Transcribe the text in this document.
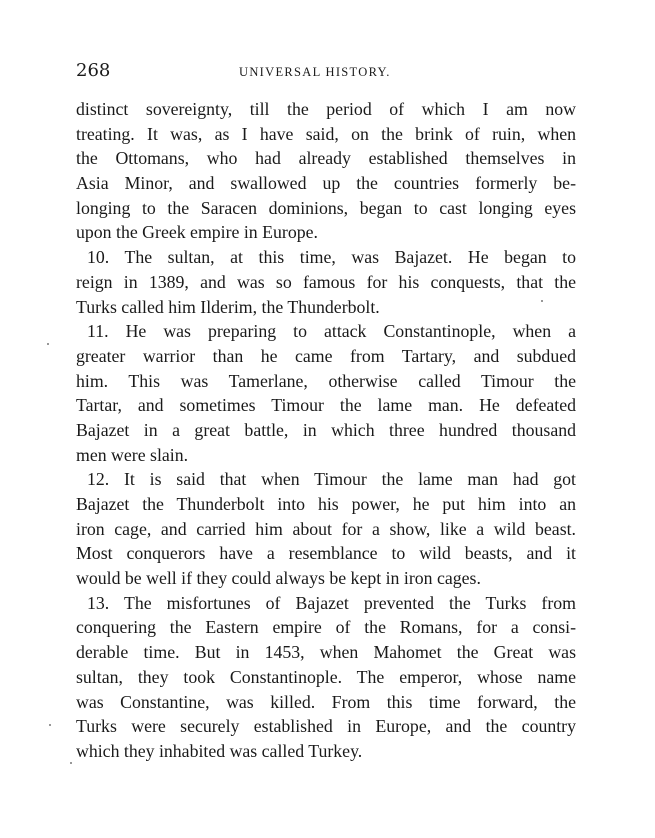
268	UNIVERSAL HISTORY.
distinct sovereignty, till the period of which I am now
treating. It was, as I have said, on the brink of ruin, when
the Ottomans, who had already established themselves in
Asia Minor, and swallowed up the countries formerly be-
longing to the Saracen dominions, began to cast longing eyes
upon the Greek empire in Europe.
10. The sultan, at this time, was Bajazet. He began to
reign in 1389, and was so famous for his conquests, that the
Turks called him Ilderim, the Thunderbolt.
11. He was preparing to attack Constantinople, when a
greater warrior than he came from Tartary, and subdued
him. This was Tamerlane, otherwise called Timour the
Tartar, and sometimes Timour the lame man. He defeated
Bajazet in a great battle, in which three hundred thousand
men were slain.
12. It is said that when Timour the lame man had got
Bajazet the Thunderbolt into his power, he put him into an
iron cage, and carried him about for a show, like a wild beast.
Most conquerors have a resemblance to wild beasts, and it
would be well if they could always be kept in iron cages.
13. The misfortunes of Bajazet prevented the Turks from
conquering the Eastern empire of the Romans, for a consi-
derable time. But in 1453, when Mahomet the Great was
sultan, they took Constantinople. The emperor, whose name
was Constantine, was killed. From this time forward, the
Turks were securely established in Europe, and the country
which they inhabited was called Turkey.
